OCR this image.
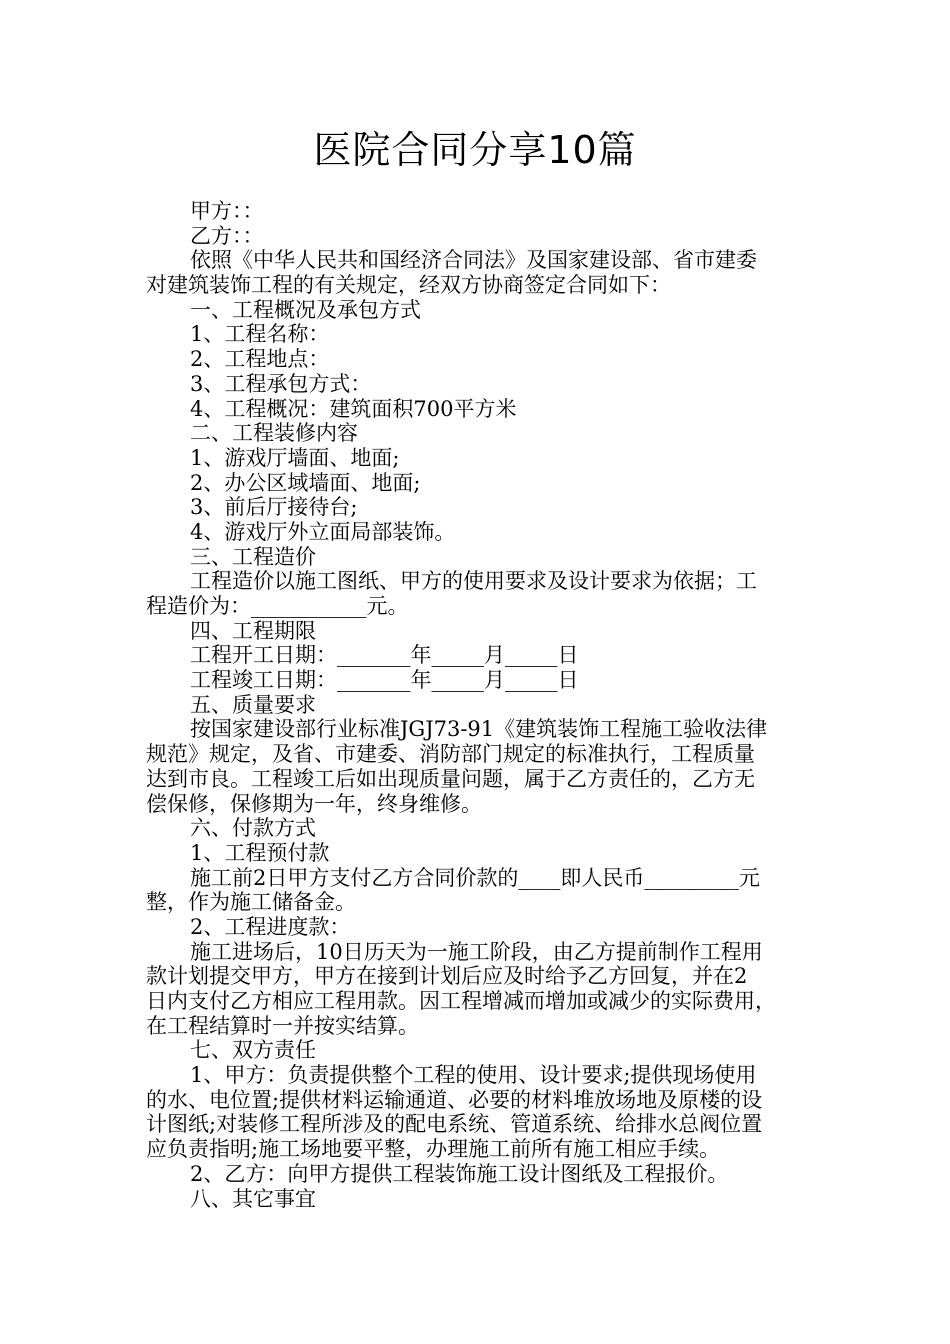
医院合同分享10篇
甲方：：
乙方：：
依照《中华人民共和国经济合同法》及国家建设部、省市建委
对建筑装饰工程的有关规定，经双方协商签定合同如下：
一、工程概况及承包方式
1、工程名称：
2、工程地点：
3、工程承包方式：
4、工程概况：建筑面积700平方米
二、工程装修内容
1、游戏厅墙面、地面;
2、办公区域墙面、地面;
3、前后厅接待台;
4、游戏厅外立面局部装饰。
三、工程造价
工程造价以施工图纸、甲方的使用要求及设计要求为依据；工
程造价为：___________元。
四、工程期限
工程开工日期：_______年_____月_____日
工程竣工日期：_______年_____月_____日
五、质量要求
按国家建设部行业标准JGJ73-91《建筑装饰工程施工验收法律
规范》规定，及省、市建委、消防部门规定的标准执行，工程质量
达到市良。工程竣工后如出现质量问题，属于乙方责任的，乙方无
偿保修，保修期为一年，终身维修。
六、付款方式
1、工程预付款
施工前2日甲方支付乙方合同价款的____即人民币_________元
整，作为施工储备金。
2、工程进度款：
施工进场后，10日历天为一施工阶段，由乙方提前制作工程用
款计划提交甲方，甲方在接到计划后应及时给予乙方回复，并在2
日内支付乙方相应工程用款。因工程增减而增加或减少的实际费用，
在工程结算时一并按实结算。
七、双方责任
1、甲方：负责提供整个工程的使用、设计要求;提供现场使用
的水、电位置;提供材料运输通道、必要的材料堆放场地及原楼的设
计图纸;对装修工程所涉及的配电系统、管道系统、给排水总阀位置
应负责指明;施工场地要平整，办理施工前所有施工相应手续。
2、乙方：向甲方提供工程装饰施工设计图纸及工程报价。
八、其它事宜
